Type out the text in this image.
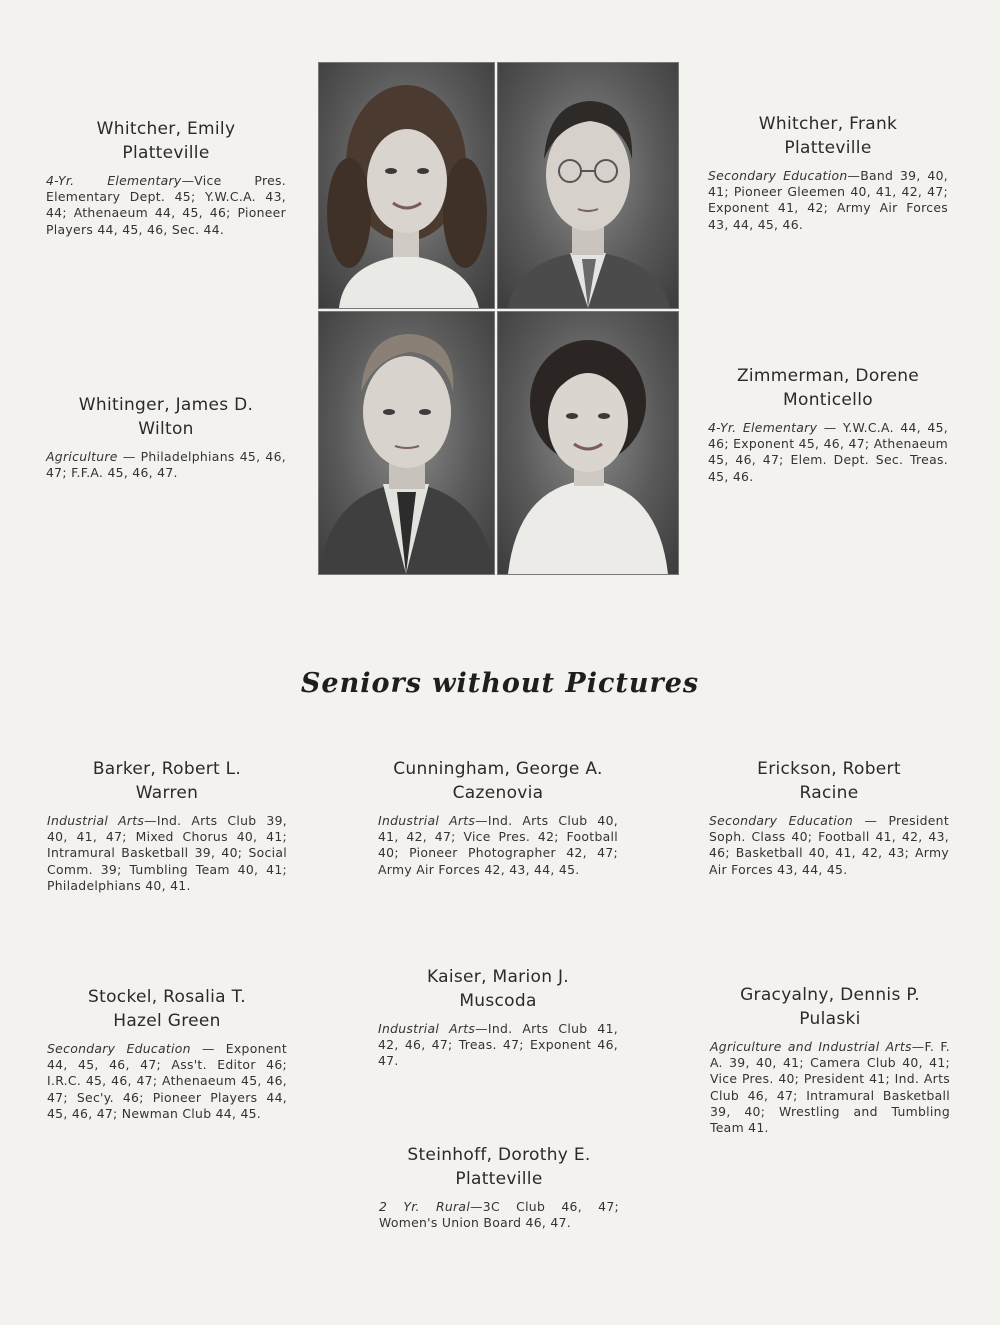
Whitcher, Emily
Platteville
4-Yr. Elementary—Vice Pres. Elementary Dept. 45; Y.W.C.A. 43, 44; Athenaeum 44, 45, 46; Pioneer Players 44, 45, 46, Sec. 44.
Whitcher, Frank
Platteville
Secondary Education—Band 39, 40, 41; Pioneer Gleemen 40, 41, 42, 47; Exponent 41, 42; Army Air Forces 43, 44, 45, 46.
Whitinger, James D.
Wilton
Agriculture — Philadelphians 45, 46, 47; F.F.A. 45, 46, 47.
Zimmerman, Dorene
Monticello
4-Yr. Elementary — Y.W.C.A. 44, 45, 46; Exponent 45, 46, 47; Athenaeum 45, 46, 47; Elem. Dept. Sec. Treas. 45, 46.
Seniors without Pictures
Barker, Robert L.
Warren
Industrial Arts—Ind. Arts Club 39, 40, 41, 47; Mixed Chorus 40, 41; Intramural Basketball 39, 40; Social Comm. 39; Tumbling Team 40, 41; Philadelphians 40, 41.
Cunningham, George A.
Cazenovia
Industrial Arts—Ind. Arts Club 40, 41, 42, 47; Vice Pres. 42; Football 40; Pioneer Photographer 42, 47; Army Air Forces 42, 43, 44, 45.
Erickson, Robert
Racine
Secondary Education — President Soph. Class 40; Football 41, 42, 43, 46; Basketball 40, 41, 42, 43; Army Air Forces 43, 44, 45.
Stockel, Rosalia T.
Hazel Green
Secondary Education — Exponent 44, 45, 46, 47; Ass't. Editor 46; I.R.C. 45, 46, 47; Athenaeum 45, 46, 47; Sec'y. 46; Pioneer Players 44, 45, 46, 47; Newman Club 44, 45.
Kaiser, Marion J.
Muscoda
Industrial Arts—Ind. Arts Club 41, 42, 46, 47; Treas. 47; Exponent 46, 47.
Gracyalny, Dennis P.
Pulaski
Agriculture and Industrial Arts—F. F. A. 39, 40, 41; Camera Club 40, 41; Vice Pres. 40; President 41; Ind. Arts Club 46, 47; Intramural Basketball 39, 40; Wrestling and Tumbling Team 41.
Steinhoff, Dorothy E.
Platteville
2 Yr. Rural—3C Club 46, 47; Women's Union Board 46, 47.
